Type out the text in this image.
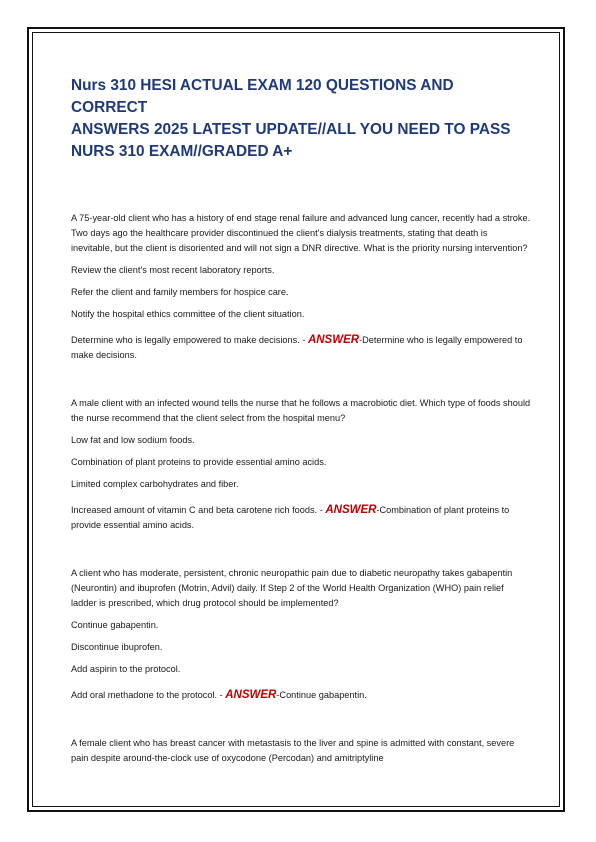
Nurs 310 HESI ACTUAL EXAM 120 QUESTIONS AND CORRECT
ANSWERS 2025 LATEST UPDATE//ALL YOU NEED TO PASS
NURS 310 EXAM//GRADED A+

A 75-year-old client who has a history of end stage renal failure and advanced lung cancer, recently had a stroke. Two days ago the healthcare provider discontinued the client's dialysis treatments, stating that death is inevitable, but the client is disoriented and will not sign a DNR directive. What is the priority nursing intervention?

Review the client's most recent laboratory reports.

Refer the client and family members for hospice care.

Notify the hospital ethics committee of the client situation.

Determine who is legally empowered to make decisions. - ANSWER-Determine who is legally empowered to make decisions.

A male client with an infected wound tells the nurse that he follows a macrobiotic diet. Which type of foods should the nurse recommend that the client select from the hospital menu?

Low fat and low sodium foods.

Combination of plant proteins to provide essential amino acids.

Limited complex carbohydrates and fiber.

Increased amount of vitamin C and beta carotene rich foods. - ANSWER-Combination of plant proteins to provide essential amino acids.

A client who has moderate, persistent, chronic neuropathic pain due to diabetic neuropathy takes gabapentin (Neurontin) and ibuprofen (Motrin, Advil) daily. If Step 2 of the World Health Organization (WHO) pain relief ladder is prescribed, which drug protocol should be implemented?

Continue gabapentin.

Discontinue ibuprofen.

Add aspirin to the protocol.

Add oral methadone to the protocol. - ANSWER-Continue gabapentin.

A female client who has breast cancer with metastasis to the liver and spine is admitted with constant, severe pain despite around-the-clock use of oxycodone (Percodan) and amitriptyline
